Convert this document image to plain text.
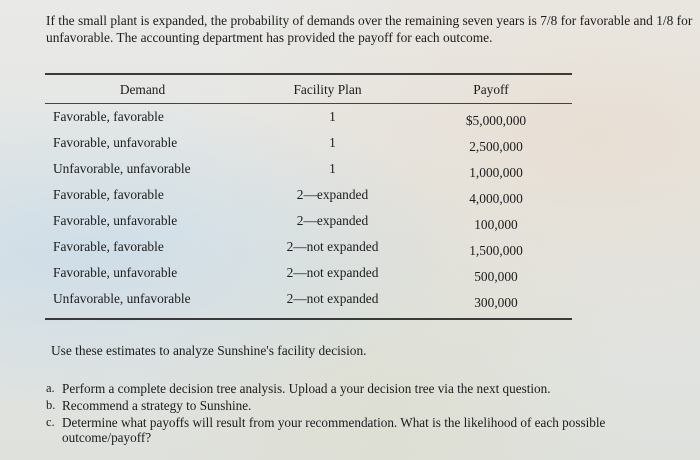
If the small plant is expanded, the probability of demands over the remaining seven years is 7/8 for favorable and 1/8 for unfavorable. The accounting department has provided the payoff for each outcome.

Demand	Facility Plan	Payoff
Favorable, favorable	1	$5,000,000
Favorable, unfavorable	1	2,500,000
Unfavorable, unfavorable	1	1,000,000
Favorable, favorable	2—expanded	4,000,000
Favorable, unfavorable	2—expanded	100,000
Favorable, favorable	2—not expanded	1,500,000
Favorable, unfavorable	2—not expanded	500,000
Unfavorable, unfavorable	2—not expanded	300,000

Use these estimates to analyze Sunshine's facility decision.

a. Perform a complete decision tree analysis. Upload a your decision tree via the next question.
b. Recommend a strategy to Sunshine.
c. Determine what payoffs will result from your recommendation. What is the likelihood of each possible outcome/payoff?
